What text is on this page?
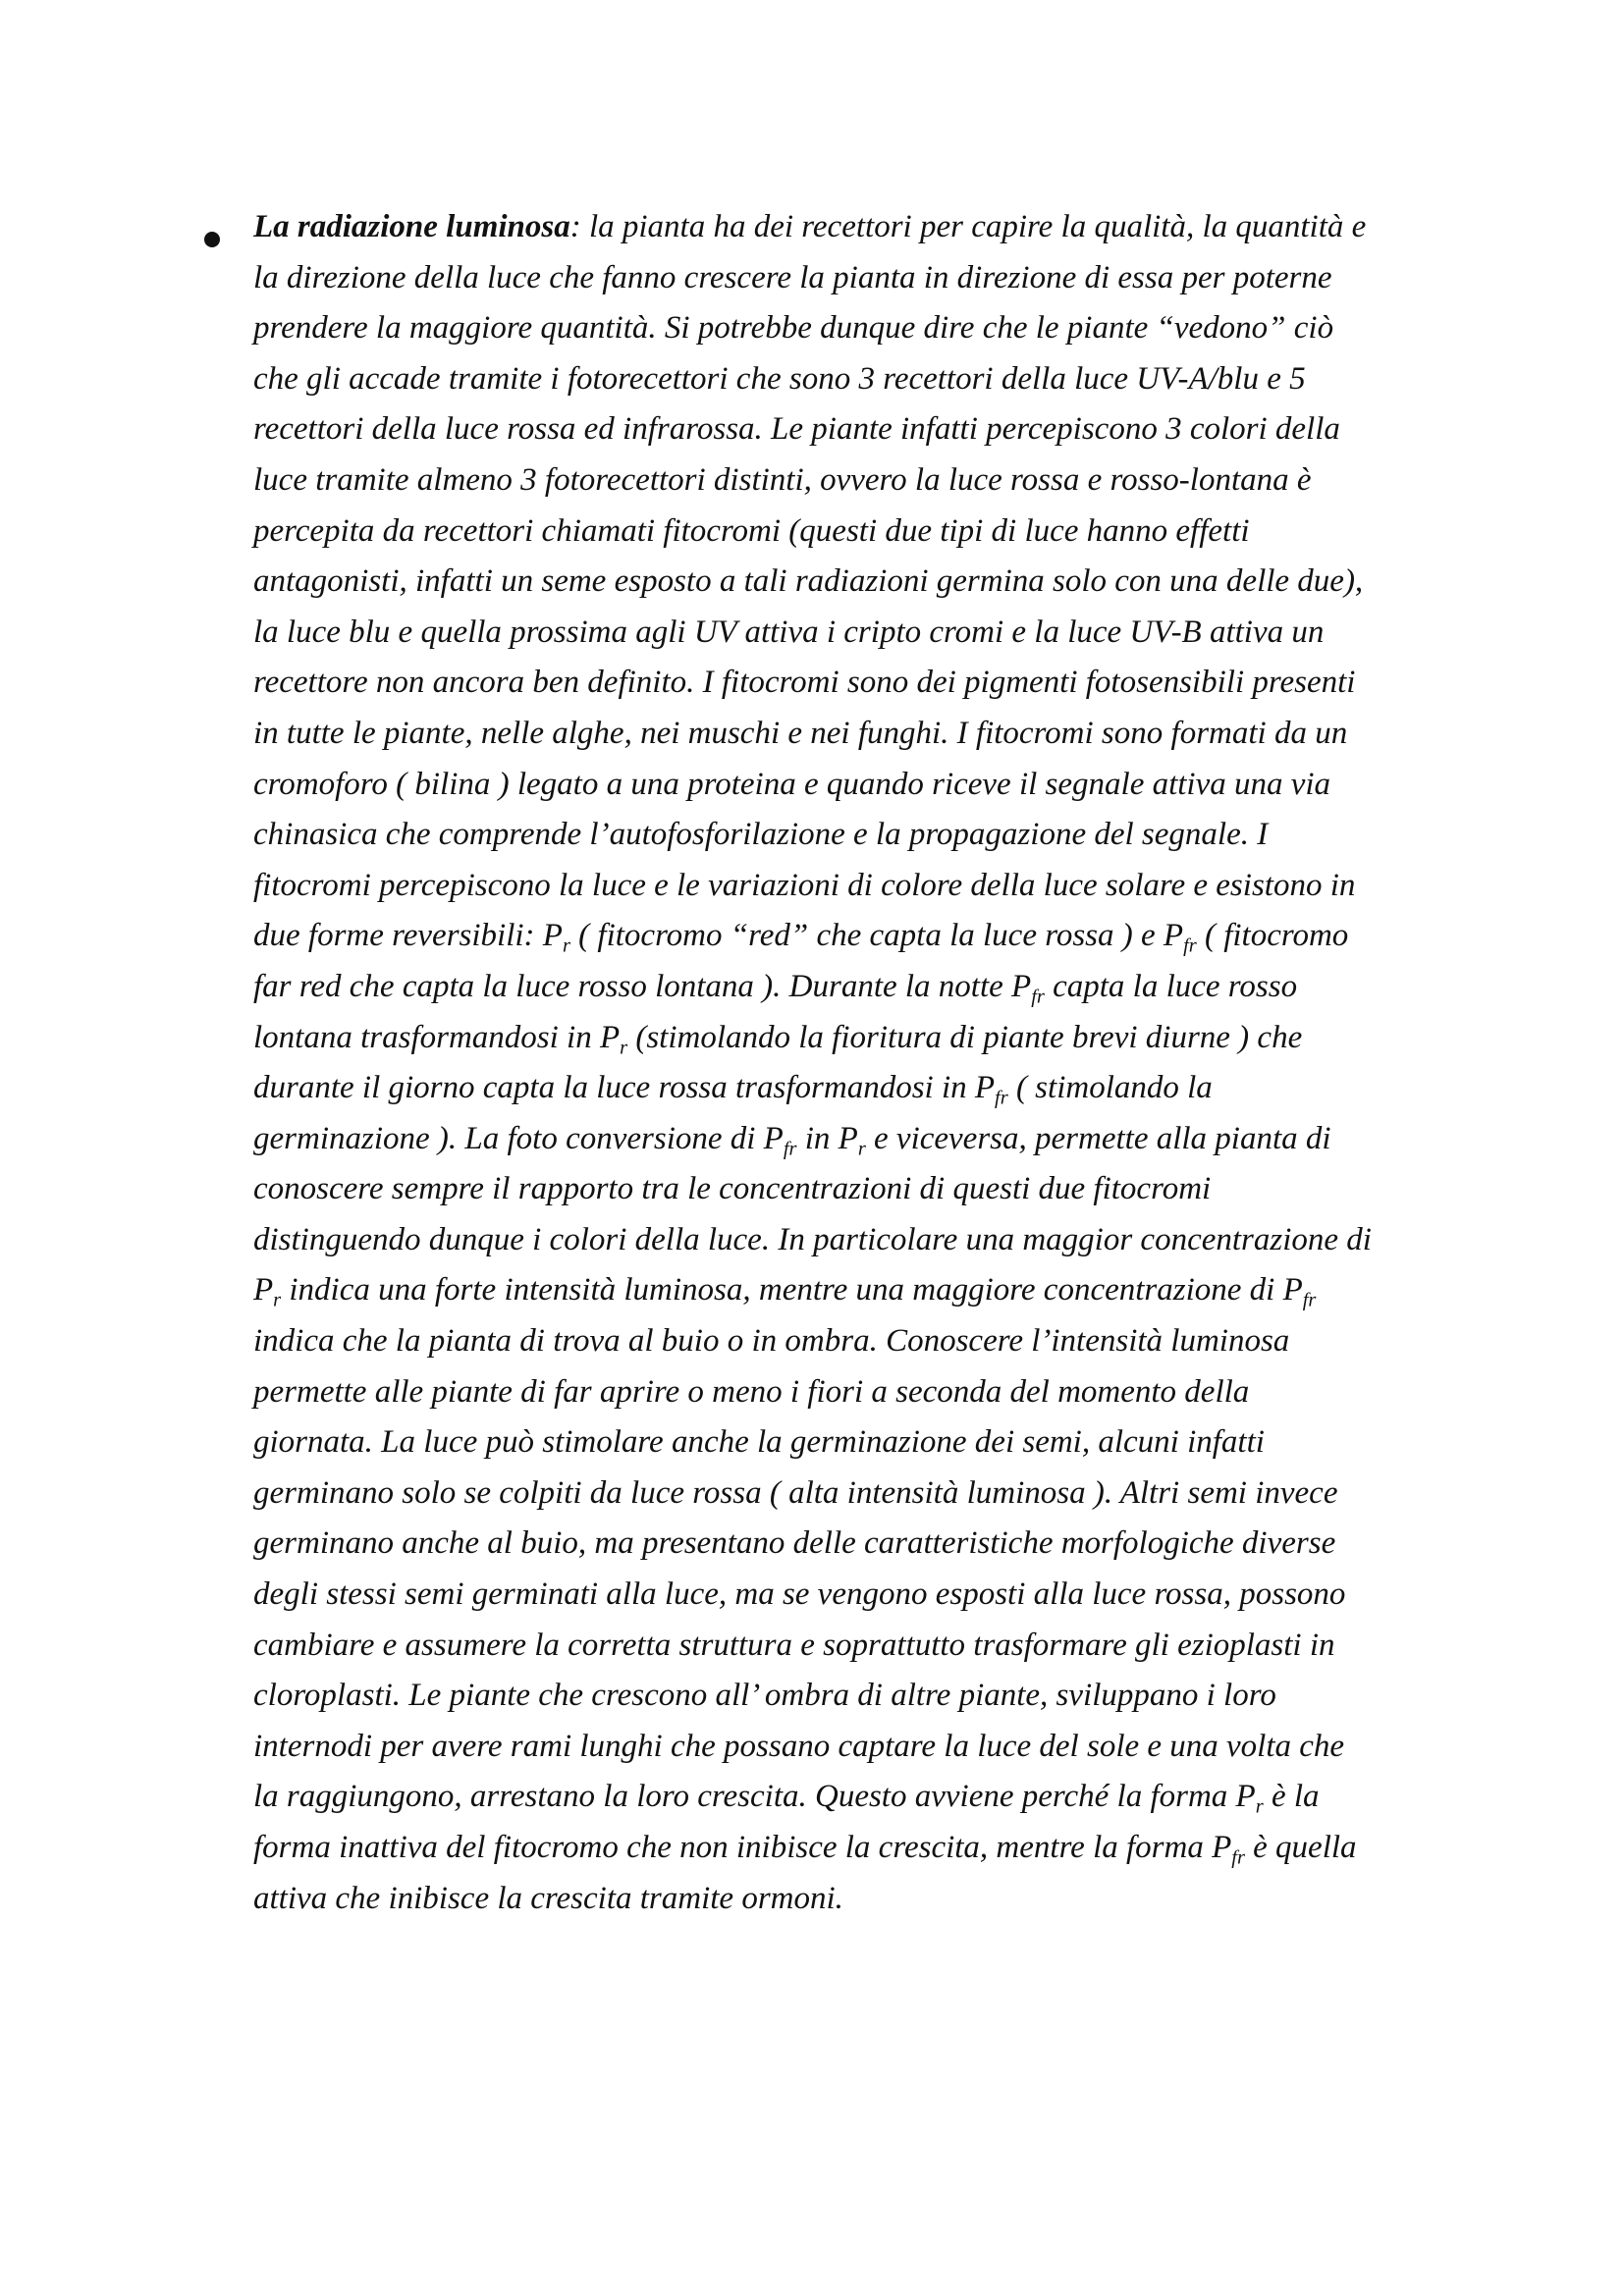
La radiazione luminosa: la pianta ha dei recettori per capire la qualità, la quantità e
la direzione della luce che fanno crescere la pianta in direzione di essa per poterne
prendere la maggiore quantità. Si potrebbe dunque dire che le piante “vedono” ciò
che gli accade tramite i fotorecettori che sono 3 recettori della luce UV-A/blu e 5
recettori della luce rossa ed infrarossa. Le piante infatti percepiscono 3 colori della
luce tramite almeno 3 fotorecettori distinti, ovvero la luce rossa e rosso-lontana è
percepita da recettori chiamati fitocromi (questi due tipi di luce hanno effetti
antagonisti, infatti un seme esposto a tali radiazioni germina solo con una delle due),
la luce blu e quella prossima agli UV attiva i cripto cromi e la luce UV-B attiva un
recettore non ancora ben definito. I fitocromi sono dei pigmenti fotosensibili presenti
in tutte le piante, nelle alghe, nei muschi e nei funghi. I fitocromi sono formati da un
cromoforo ( bilina ) legato a una proteina e quando riceve il segnale attiva una via
chinasica che comprende l’autofosforilazione e la propagazione del segnale. I
fitocromi percepiscono la luce e le variazioni di colore della luce solare e esistono in
due forme reversibili: $P_r$ ( fitocromo “red” che capta la luce rossa ) e $P_{fr}$ ( fitocromo
far red che capta la luce rosso lontana ). Durante la notte $P_{fr}$ capta la luce rosso
lontana trasformandosi in $P_r$ (stimolando la fioritura di piante brevi diurne ) che
durante il giorno capta la luce rossa trasformandosi in $P_{fr}$ ( stimolando la
germinazione ). La foto conversione di $P_{fr}$ in $P_r$ e viceversa, permette alla pianta di
conoscere sempre il rapporto tra le concentrazioni di questi due fitocromi
distinguendo dunque i colori della luce. In particolare una maggior concentrazione di
$P_r$ indica una forte intensità luminosa, mentre una maggiore concentrazione di $P_{fr}$
indica che la pianta di trova al buio o in ombra. Conoscere l’intensità luminosa
permette alle piante di far aprire o meno i fiori a seconda del momento della
giornata. La luce può stimolare anche la germinazione dei semi, alcuni infatti
germinano solo se colpiti da luce rossa ( alta intensità luminosa ). Altri semi invece
germinano anche al buio, ma presentano delle caratteristiche morfologiche diverse
degli stessi semi germinati alla luce, ma se vengono esposti alla luce rossa, possono
cambiare e assumere la corretta struttura e soprattutto trasformare gli ezioplasti in
cloroplasti. Le piante che crescono all’ ombra di altre piante, sviluppano i loro
internodi per avere rami lunghi che possano captare la luce del sole e una volta che
la raggiungono, arrestano la loro crescita. Questo avviene perché la forma $P_r$ è la
forma inattiva del fitocromo che non inibisce la crescita, mentre la forma $P_{fr}$ è quella
attiva che inibisce la crescita tramite ormoni.
